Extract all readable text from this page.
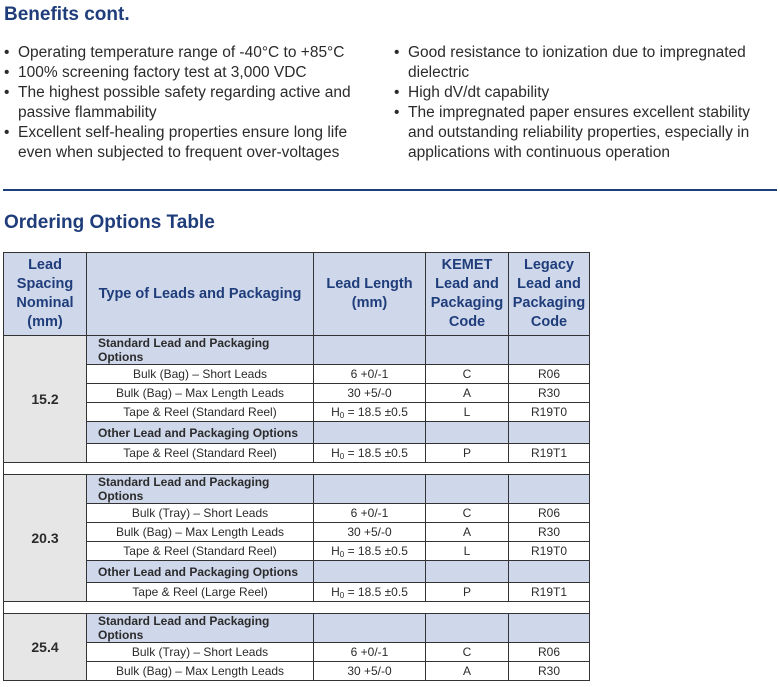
Benefits cont.
• Operating temperature range of -40°C to +85°C
• 100% screening factory test at 3,000 VDC
• The highest possible safety regarding active and passive flammability
• Excellent self-healing properties ensure long life even when subjected to frequent over-voltages
• Good resistance to ionization due to impregnated dielectric
• High dV/dt capability
• The impregnated paper ensures excellent stability and outstanding reliability properties, especially in applications with continuous operation
Ordering Options Table
Lead Spacing Nominal (mm)	Type of Leads and Packaging	Lead Length (mm)	KEMET Lead and Packaging Code	Legacy Lead and Packaging Code
15.2	Standard Lead and Packaging Options			
	Bulk (Bag) – Short Leads	6 +0/-1	C	R06
	Bulk (Bag) – Max Length Leads	30 +5/-0	A	R30
	Tape & Reel (Standard Reel)	$H_0 = 18.5 \pm 0.5$	L	R19T0
	Other Lead and Packaging Options			
	Tape & Reel (Standard Reel)	$H_0 = 18.5 \pm 0.5$	P	R19T1

20.3	Standard Lead and Packaging Options			
	Bulk (Tray) – Short Leads	6 +0/-1	C	R06
	Bulk (Bag) – Max Length Leads	30 +5/-0	A	R30
	Tape & Reel (Standard Reel)	$H_0 = 18.5 \pm 0.5$	L	R19T0
	Other Lead and Packaging Options			
	Tape & Reel (Large Reel)	$H_0 = 18.5 \pm 0.5$	P	R19T1

25.4	Standard Lead and Packaging Options			
	Bulk (Tray) – Short Leads	6 +0/-1	C	R06
	Bulk (Bag) – Max Length Leads	30 +5/-0	A	R30
